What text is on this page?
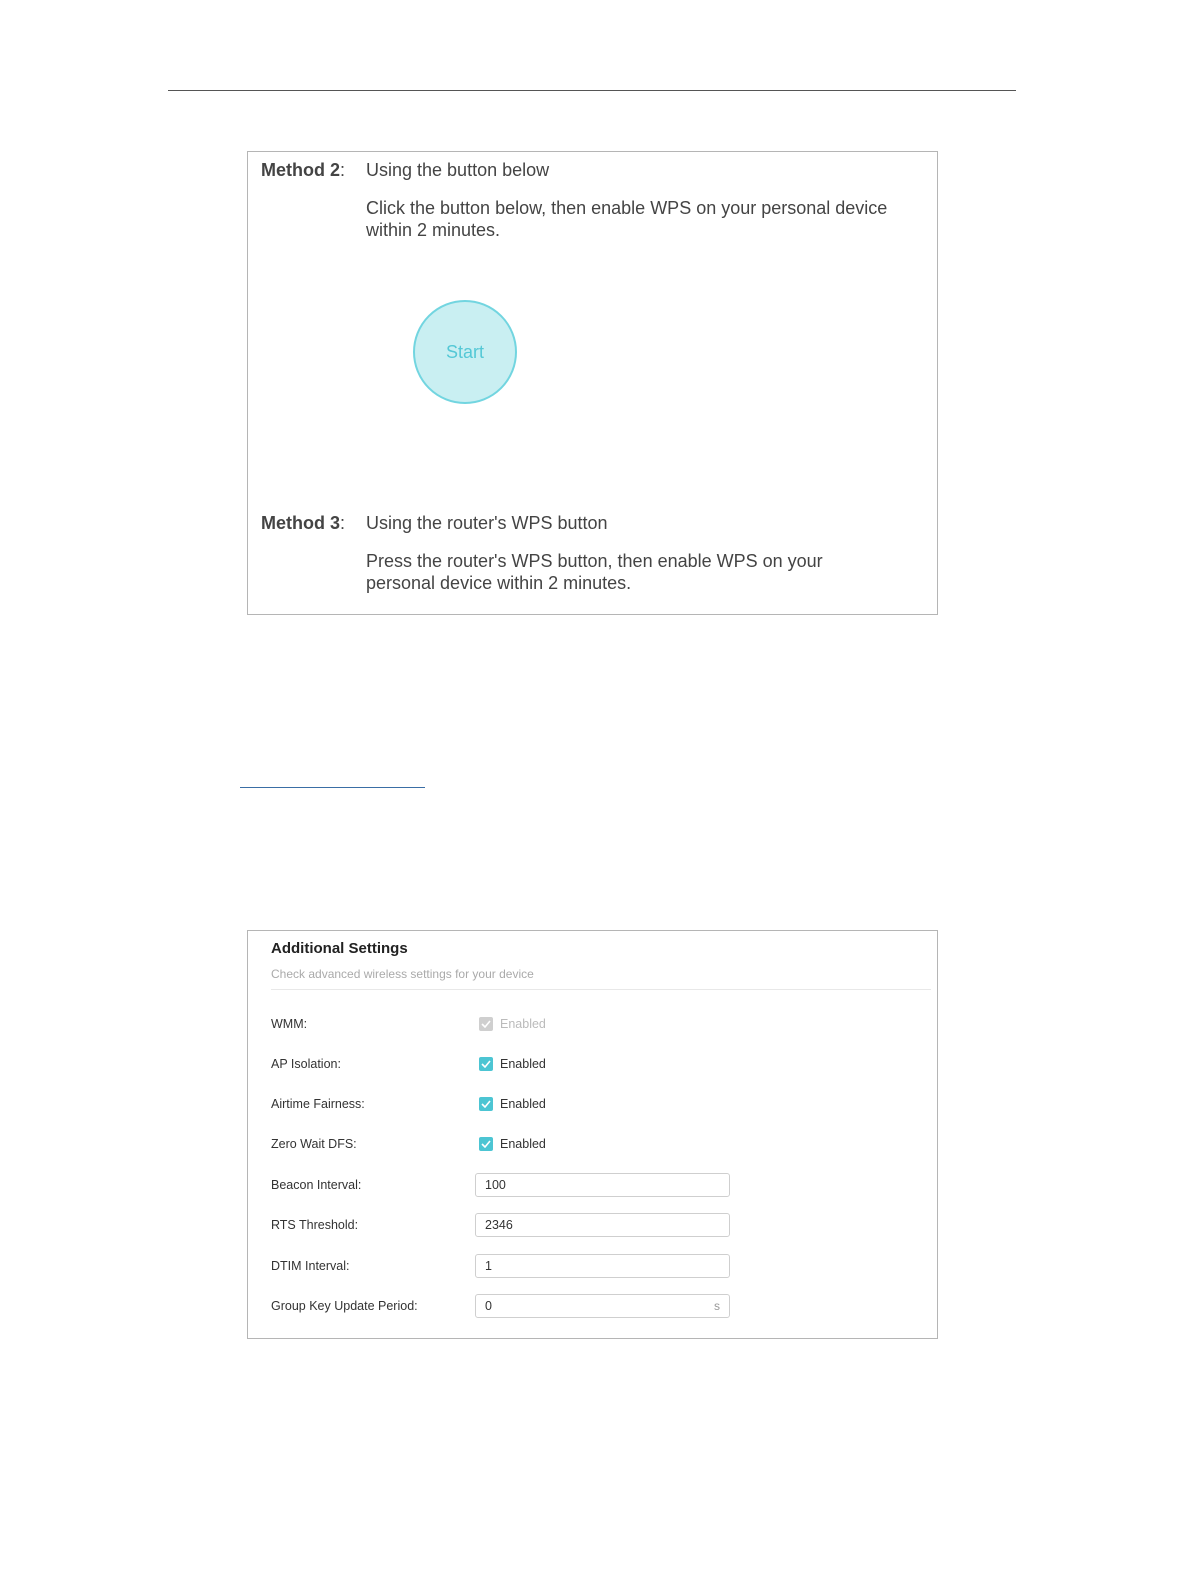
Method 2: Using the button below
Click the button below, then enable WPS on your personal device
within 2 minutes.
Start
Method 3: Using the router's WPS button
Press the router's WPS button, then enable WPS on your
personal device within 2 minutes.
Additional Settings
Check advanced wireless settings for your device
WMM:	Enabled
AP Isolation:	Enabled
Airtime Fairness:	Enabled
Zero Wait DFS:	Enabled
Beacon Interval:
100
RTS Threshold:
2346
DTIM Interval:
1
Group Key Update Period:
0	s
